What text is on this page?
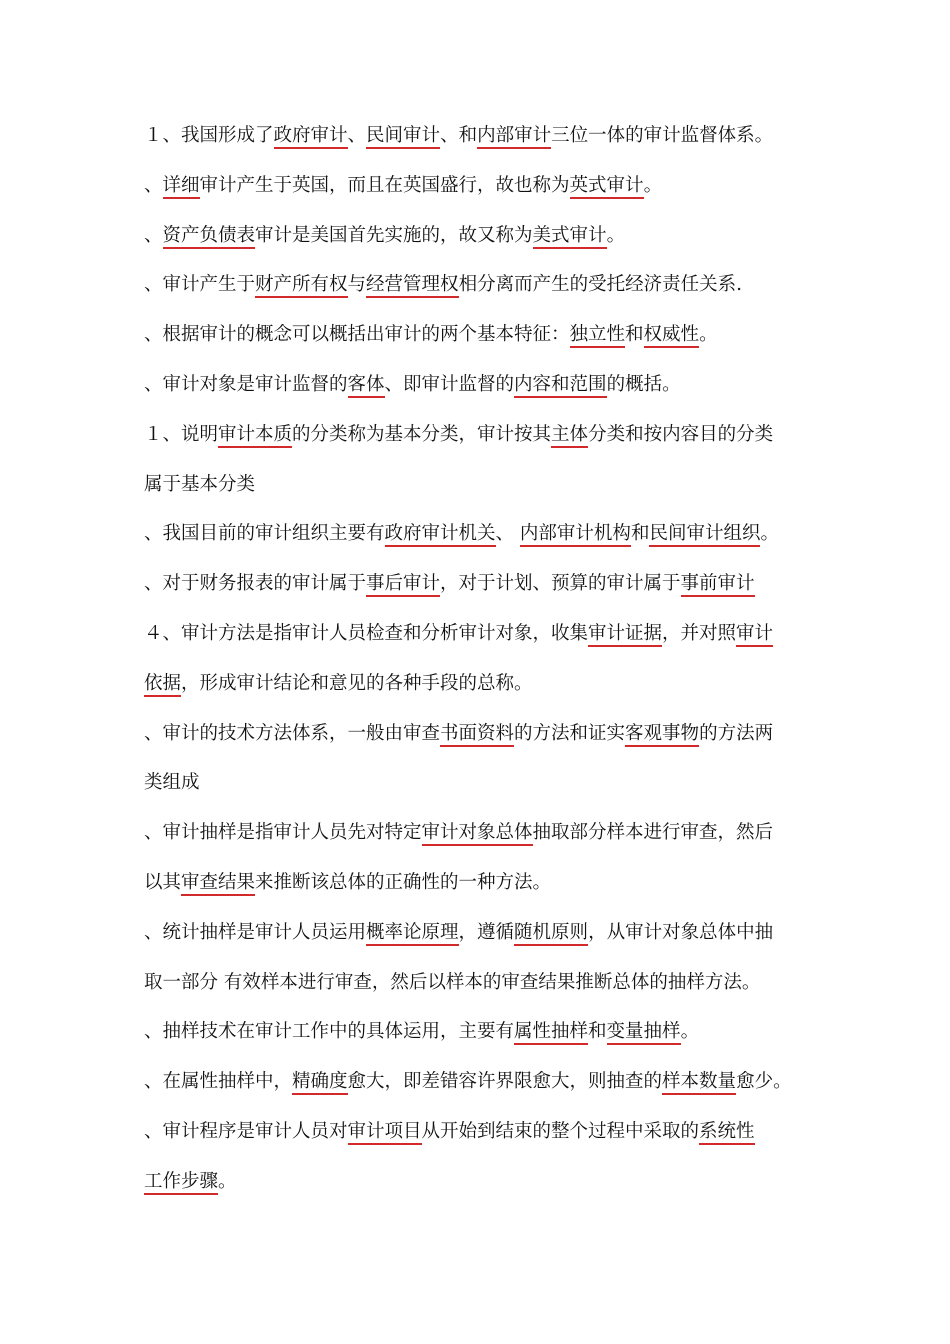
１、我国形成了政府审计、民间审计、和内部审计三位一体的审计监督体系。
、详细审计产生于英国，而且在英国盛行，故也称为英式审计。
、资产负债表审计是美国首先实施的，故又称为美式审计。
、审计产生于财产所有权与经营管理权相分离而产生的受托经济责任关系.
、根据审计的概念可以概括出审计的两个基本特征：独立性和权威性。
、审计对象是审计监督的客体、即审计监督的内容和范围的概括。
１、说明审计本质的分类称为基本分类，审计按其主体分类和按内容目的分类
属于基本分类
、我国目前的审计组织主要有政府审计机关、 内部审计机构和民间审计组织。
、对于财务报表的审计属于事后审计，对于计划、预算的审计属于事前审计
４、审计方法是指审计人员检查和分析审计对象，收集审计证据，并对照审计
依据，形成审计结论和意见的各种手段的总称。
、审计的技术方法体系，一般由审查书面资料的方法和证实客观事物的方法两
类组成
、审计抽样是指审计人员先对特定审计对象总体抽取部分样本进行审查，然后
以其审查结果来推断该总体的正确性的一种方法。
、统计抽样是审计人员运用概率论原理，遵循随机原则，从审计对象总体中抽
取一部分 有效样本进行审查，然后以样本的审查结果推断总体的抽样方法。
、抽样技术在审计工作中的具体运用，主要有属性抽样和变量抽样。
、在属性抽样中，精确度愈大，即差错容许界限愈大，则抽查的样本数量愈少。
、审计程序是审计人员对审计项目从开始到结束的整个过程中采取的系统性
工作步骤。
